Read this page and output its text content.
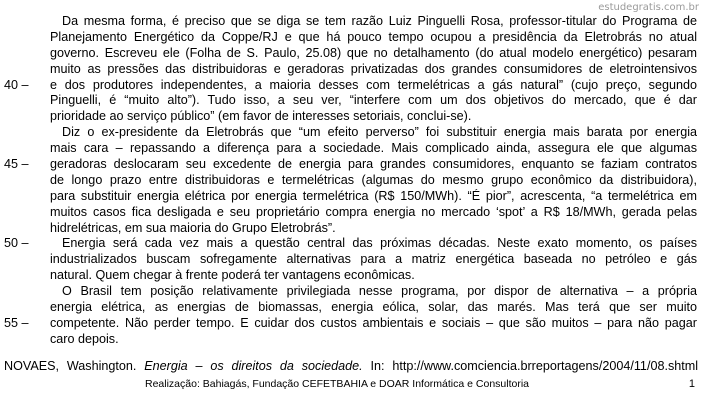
estudegratis.com.br
Da mesma forma, é preciso que se diga se tem razão Luiz Pinguelli Rosa, professor-titular do Programa de
Planejamento Energético da Coppe/RJ e que há pouco tempo ocupou a presidência da Eletrobrás no atual
governo. Escreveu ele (Folha de S. Paulo, 25.08) que no detalhamento (do atual modelo energético) pesaram
muito as pressões das distribuidoras e geradoras privatizadas dos grandes consumidores de eletrointensivos
40 – e dos produtores independentes, a maioria desses com termelétricas a gás natural” (cujo preço, segundo
Pinguelli, é “muito alto”). Tudo isso, a seu ver, “interfere com um dos objetivos do mercado, que é dar
prioridade ao serviço público” (em favor de interesses setoriais, conclui-se).
Diz o ex-presidente da Eletrobrás que “um efeito perverso” foi substituir energia mais barata por energia
mais cara – repassando a diferença para a sociedade. Mais complicado ainda, assegura ele que algumas
45 – geradoras deslocaram seu excedente de energia para grandes consumidores, enquanto se faziam contratos
de longo prazo entre distribuidoras e termelétricas (algumas do mesmo grupo econômico da distribuidora),
para substituir energia elétrica por energia termelétrica (R$ 150/MWh). “É pior”, acrescenta, “a termelétrica em
muitos casos fica desligada e seu proprietário compra energia no mercado ‘spot’ a R$ 18/MWh, gerada pelas
hidrelétricas, em sua maioria do Grupo Eletrobrás”.
50 –	Energia será cada vez mais a questão central das próximas décadas. Neste exato momento, os países
industrializados buscam sofregamente alternativas para a matriz energética baseada no petróleo e gás
natural. Quem chegar à frente poderá ter vantagens econômicas.
O Brasil tem posição relativamente privilegiada nesse programa, por dispor de alternativa – a própria
energia elétrica, as energias de biomassas, energia eólica, solar, das marés. Mas terá que ser muito
55 – competente. Não perder tempo. E cuidar dos custos ambientais e sociais – que são muitos – para não pagar
caro depois.
NOVAES, Washington. Energia – os direitos da sociedade. In: http://www.comciencia.brreportagens/2004/11/08.shtml
Realização: Bahiagás, Fundação CEFETBAHIA e DOAR Informática e Consultoria	1
